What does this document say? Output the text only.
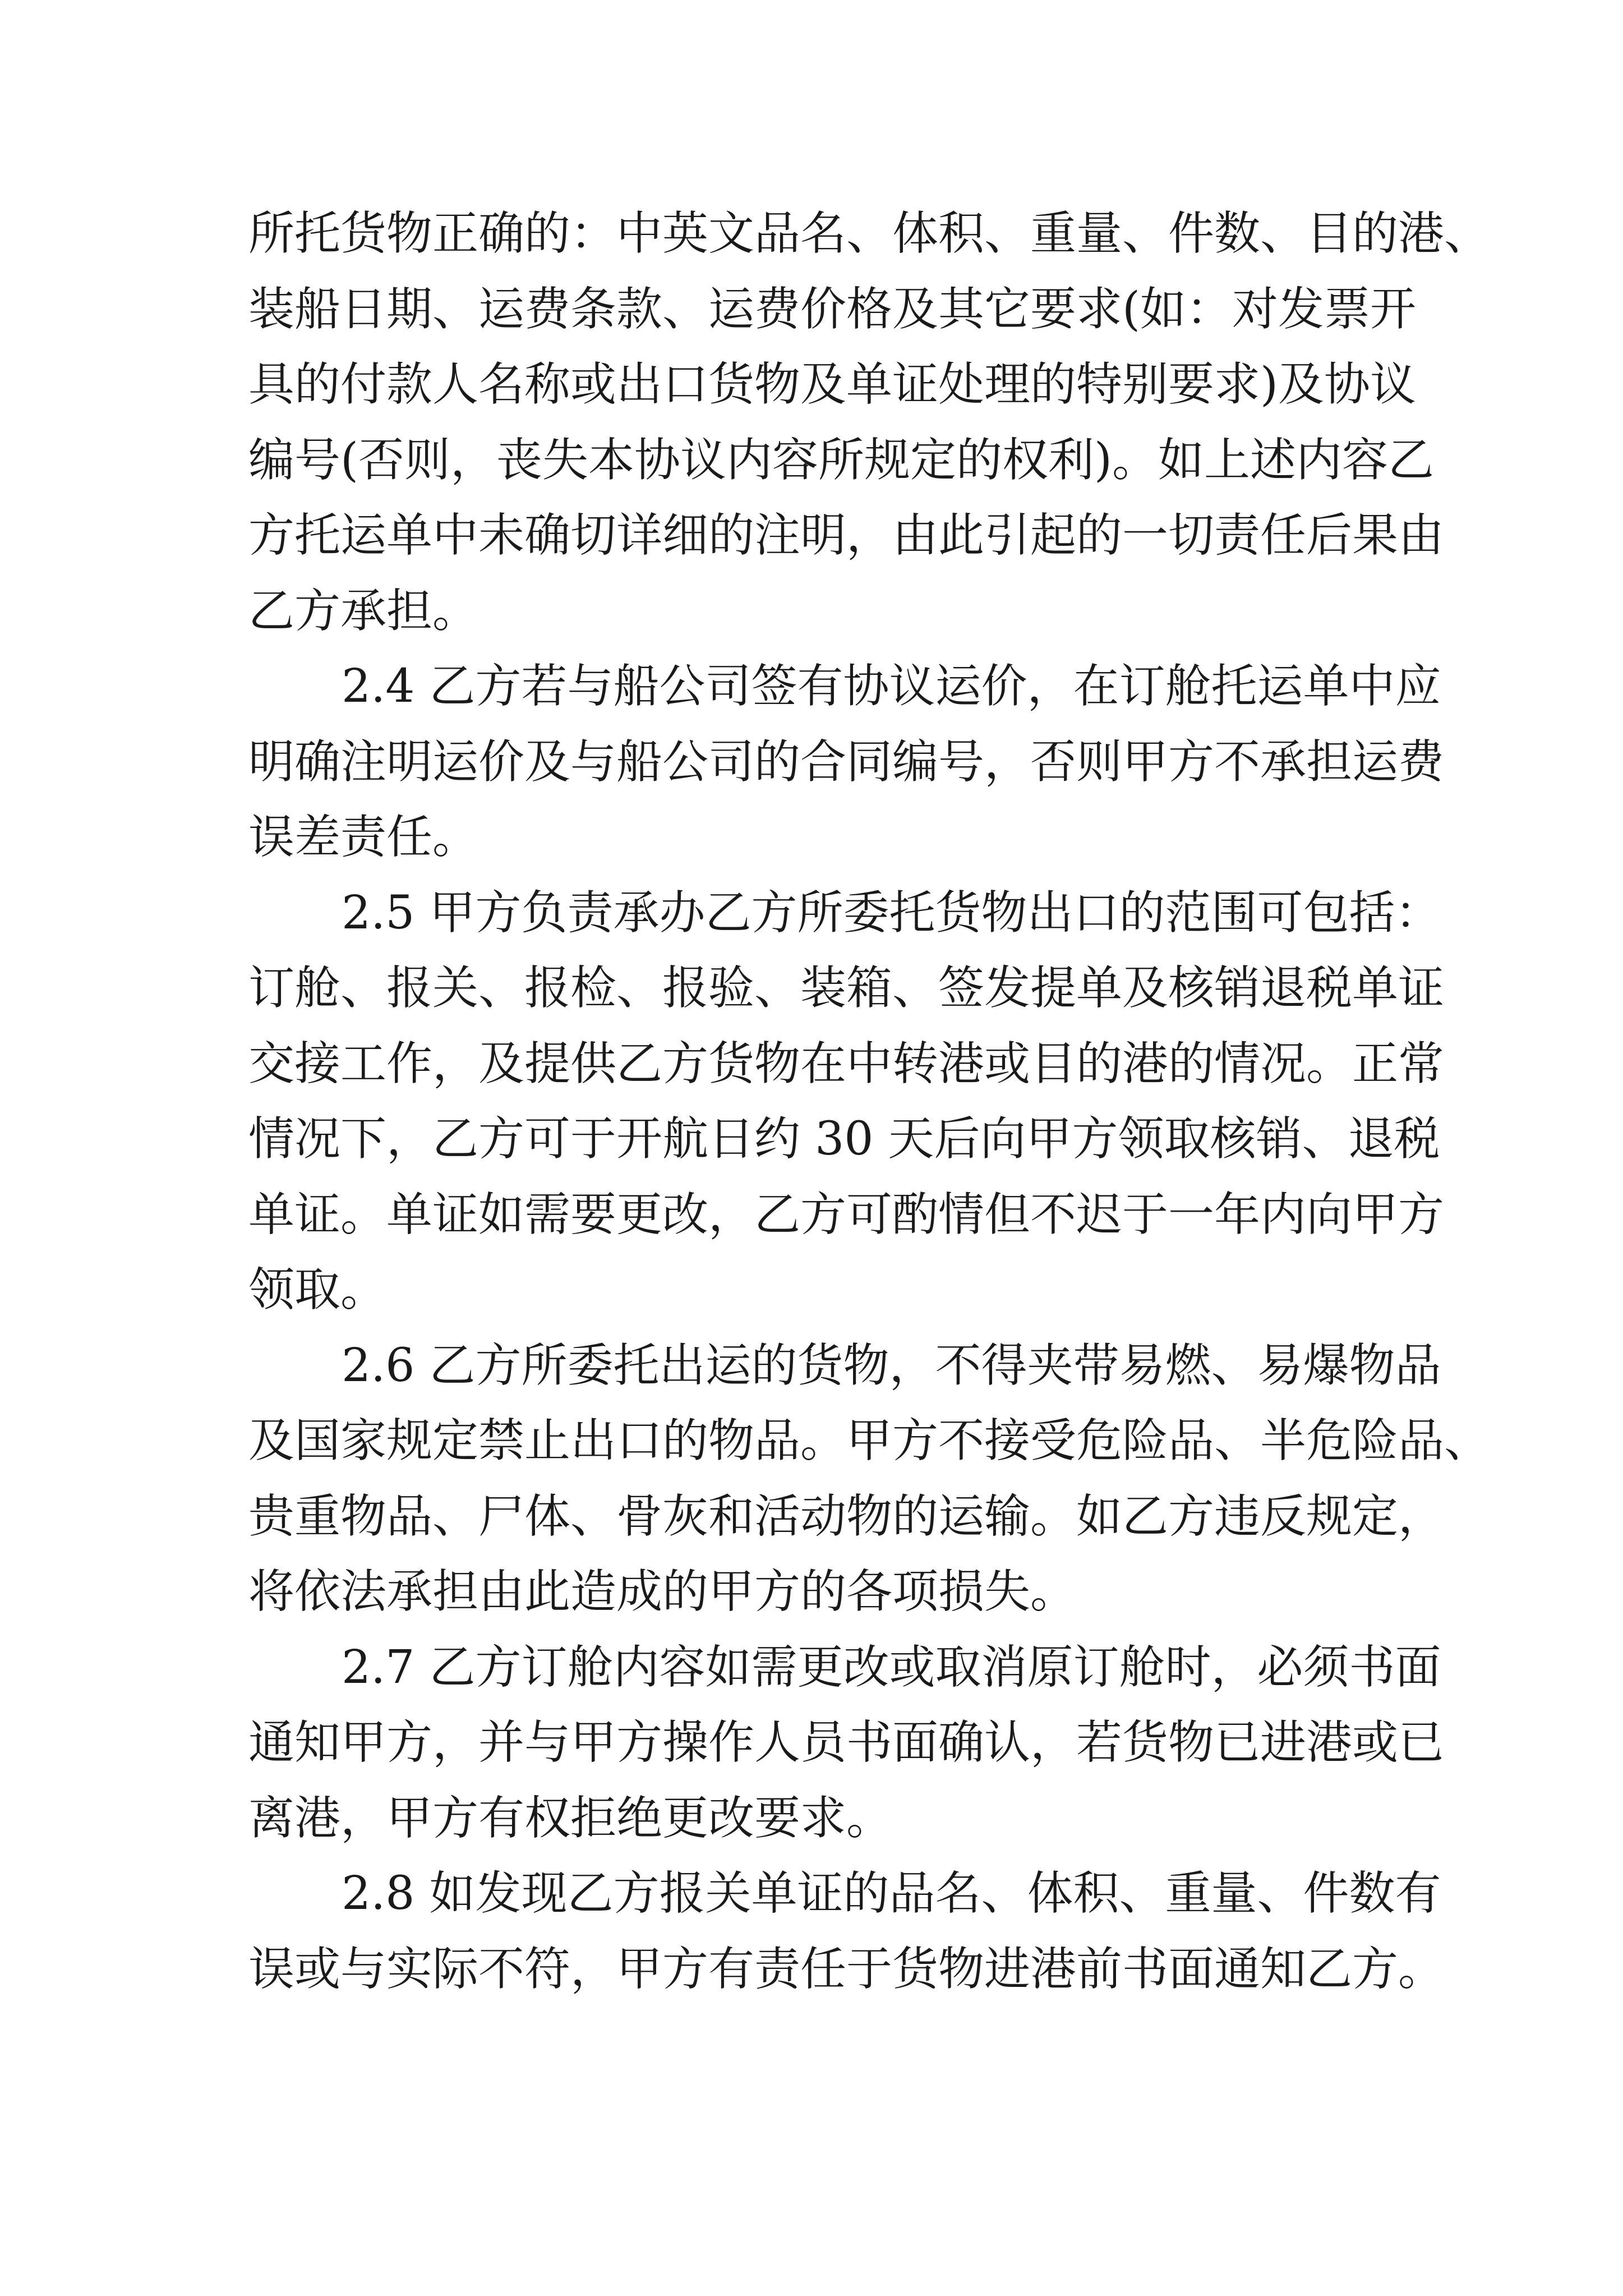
所托货物正确的：中英文品名、体积、重量、件数、目的港、
装船日期、运费条款、运费价格及其它要求(如：对发票开
具的付款人名称或出口货物及单证处理的特别要求)及协议
编号(否则，丧失本协议内容所规定的权利)。如上述内容乙
方托运单中未确切详细的注明，由此引起的一切责任后果由
乙方承担。
2.4 乙方若与船公司签有协议运价，在订舱托运单中应
明确注明运价及与船公司的合同编号，否则甲方不承担运费
误差责任。
2.5 甲方负责承办乙方所委托货物出口的范围可包括：
订舱、报关、报检、报验、装箱、签发提单及核销退税单证
交接工作，及提供乙方货物在中转港或目的港的情况。正常
情况下，乙方可于开航日约 30 天后向甲方领取核销、退税
单证。单证如需要更改，乙方可酌情但不迟于一年内向甲方
领取。
2.6 乙方所委托出运的货物，不得夹带易燃、易爆物品
及国家规定禁止出口的物品。甲方不接受危险品、半危险品、
贵重物品、尸体、骨灰和活动物的运输。如乙方违反规定，
将依法承担由此造成的甲方的各项损失。
2.7 乙方订舱内容如需更改或取消原订舱时，必须书面
通知甲方，并与甲方操作人员书面确认，若货物已进港或已
离港，甲方有权拒绝更改要求。
2.8 如发现乙方报关单证的品名、体积、重量、件数有
误或与实际不符，甲方有责任于货物进港前书面通知乙方。
